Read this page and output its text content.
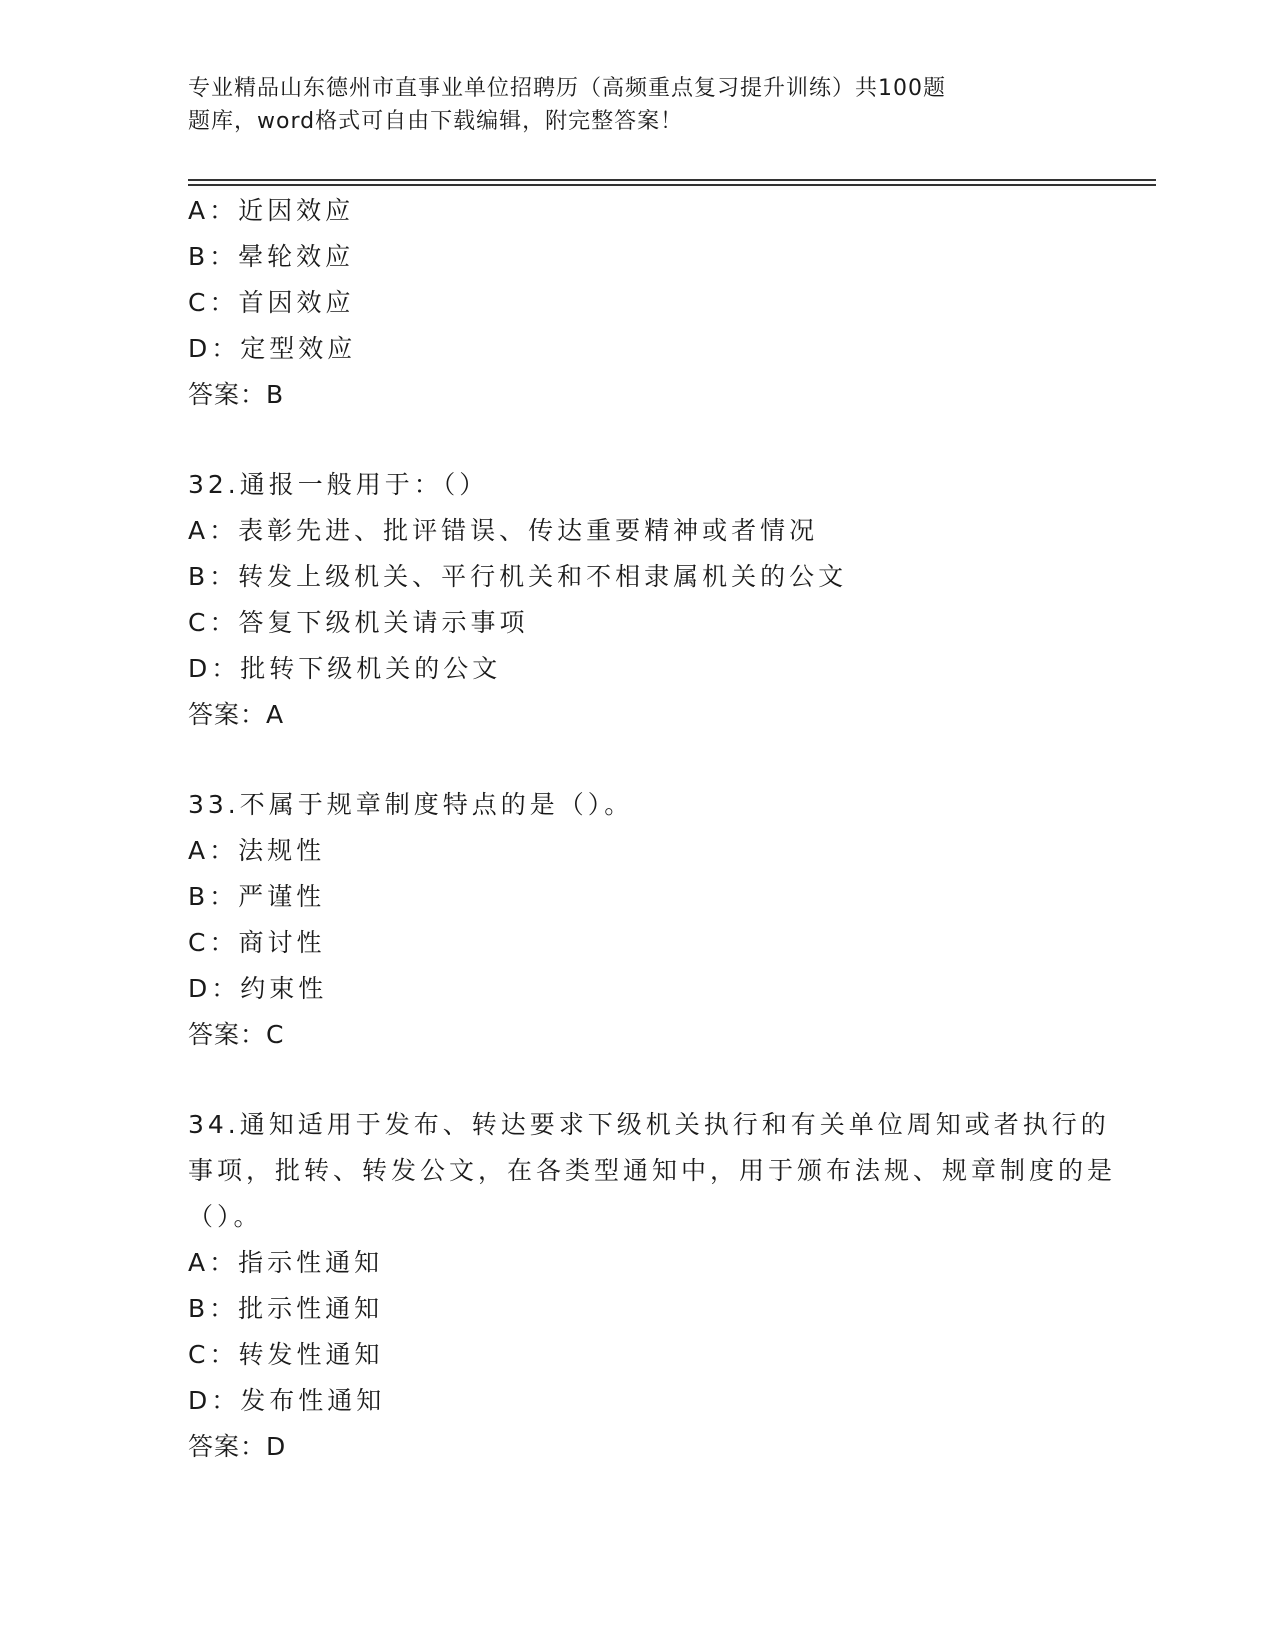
专业精品山东德州市直事业单位招聘历（高频重点复习提升训练）共100题
题库，word格式可自由下载编辑，附完整答案！
A：近因效应
B：晕轮效应
C：首因效应
D：定型效应
答案：B
32.通报一般用于：（）
A：表彰先进、批评错误、传达重要精神或者情况
B：转发上级机关、平行机关和不相隶属机关的公文
C：答复下级机关请示事项
D：批转下级机关的公文
答案：A
33.不属于规章制度特点的是（）。
A：法规性
B：严谨性
C：商讨性
D：约束性
答案：C
34.通知适用于发布、转达要求下级机关执行和有关单位周知或者执行的事项，批转、转发公文，在各类型通知中，用于颁布法规、规章制度的是（）。
A：指示性通知
B：批示性通知
C：转发性通知
D：发布性通知
答案：D
